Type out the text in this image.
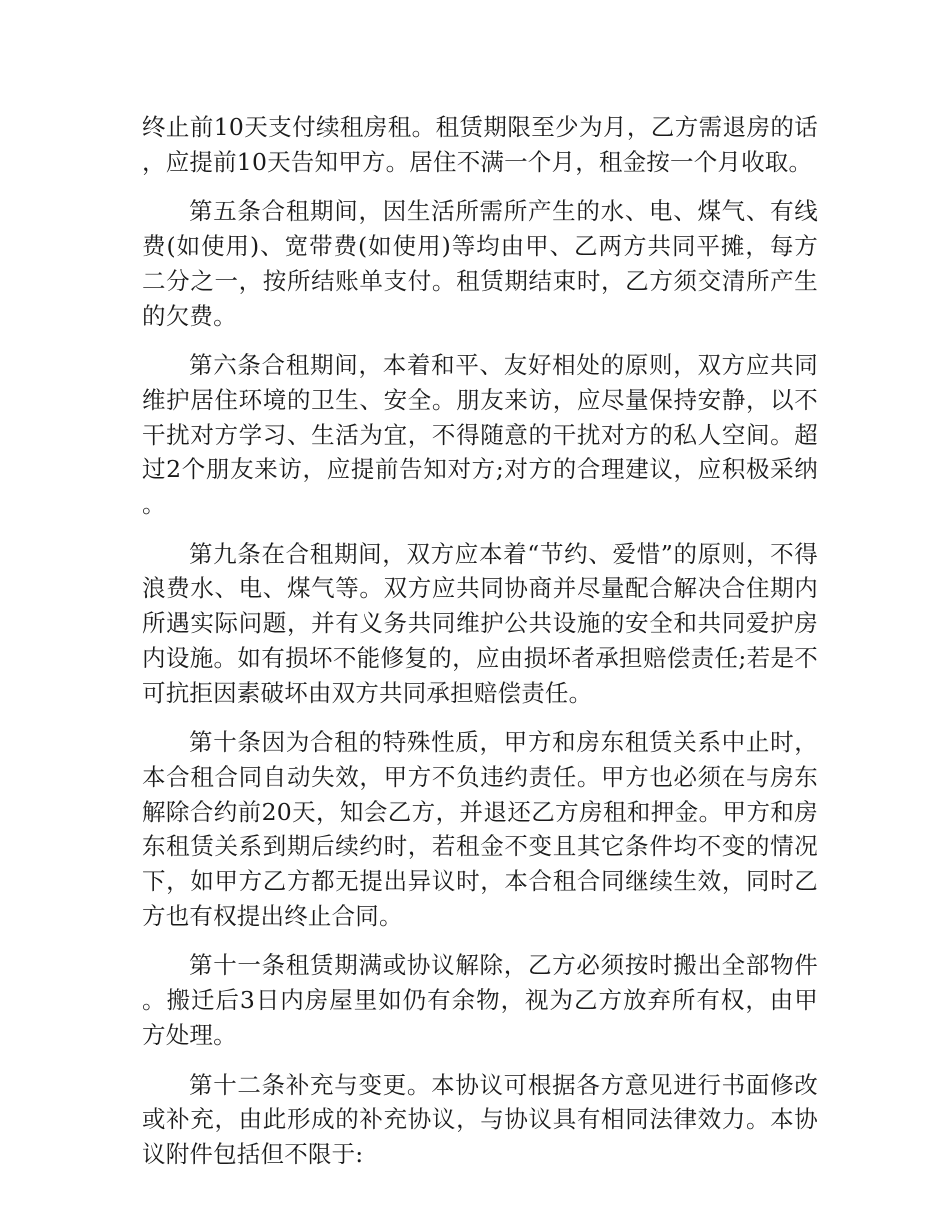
终止前10天支付续租房租。租赁期限至少为月，乙方需退房的话，应提前10天告知甲方。居住不满一个月，租金按一个月收取。

第五条合租期间，因生活所需所产生的水、电、煤气、有线费(如使用)、宽带费(如使用)等均由甲、乙两方共同平摊，每方二分之一，按所结账单支付。租赁期结束时，乙方须交清所产生的欠费。

第六条合租期间，本着和平、友好相处的原则，双方应共同维护居住环境的卫生、安全。朋友来访，应尽量保持安静，以不干扰对方学习、生活为宜，不得随意的干扰对方的私人空间。超过2个朋友来访，应提前告知对方;对方的合理建议，应积极采纳。

第九条在合租期间，双方应本着“节约、爱惜”的原则，不得浪费水、电、煤气等。双方应共同协商并尽量配合解决合住期内所遇实际问题，并有义务共同维护公共设施的安全和共同爱护房内设施。如有损坏不能修复的，应由损坏者承担赔偿责任;若是不可抗拒因素破坏由双方共同承担赔偿责任。

第十条因为合租的特殊性质，甲方和房东租赁关系中止时，本合租合同自动失效，甲方不负违约责任。甲方也必须在与房东解除合约前20天，知会乙方，并退还乙方房租和押金。甲方和房东租赁关系到期后续约时，若租金不变且其它条件均不变的情况下，如甲方乙方都无提出异议时，本合租合同继续生效，同时乙方也有权提出终止合同。

第十一条租赁期满或协议解除，乙方必须按时搬出全部物件。搬迁后3日内房屋里如仍有余物，视为乙方放弃所有权，由甲方处理。

第十二条补充与变更。本协议可根据各方意见进行书面修改或补充，由此形成的补充协议，与协议具有相同法律效力。本协议附件包括但不限于:
